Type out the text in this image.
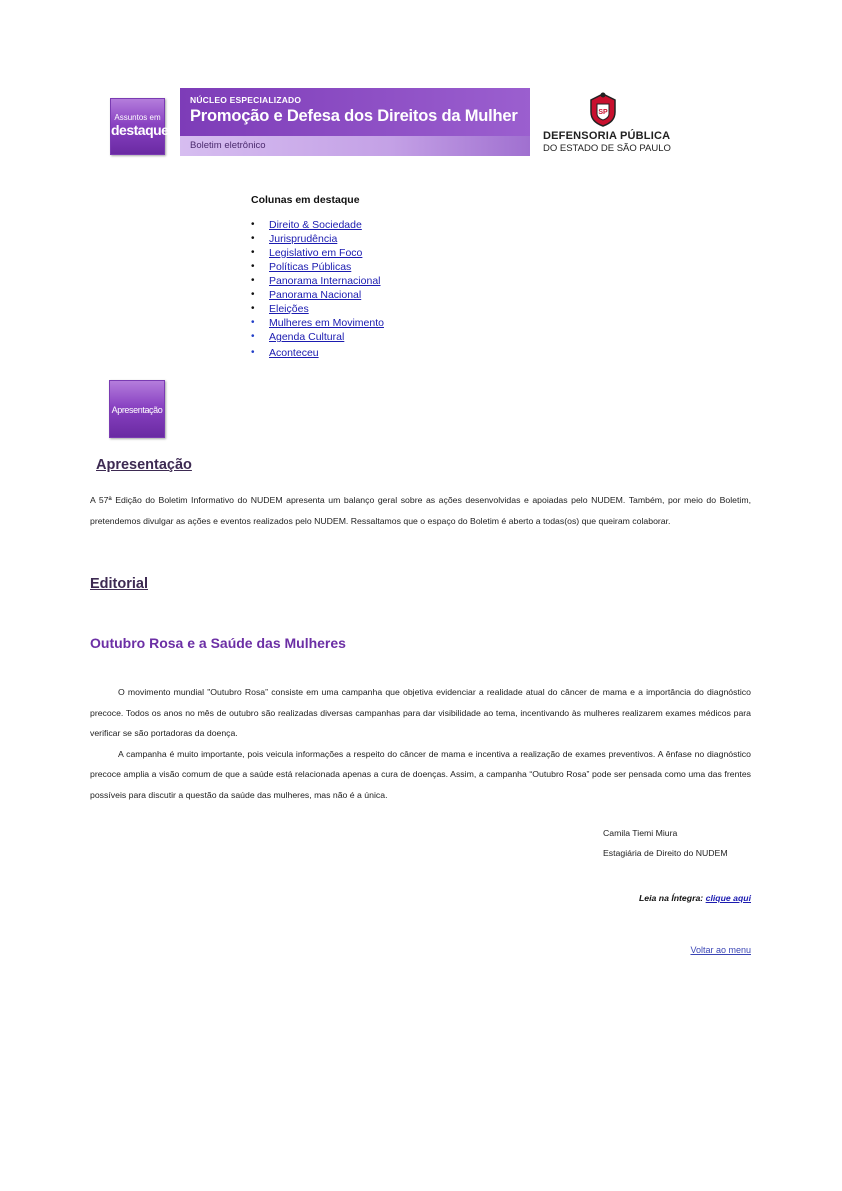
Assuntos em
destaque
NÚCLEO ESPECIALIZADO
Promoção e Defesa dos Direitos da Mulher
Boletim eletrônico
SP
DEFENSORIA PÚBLICA
DO ESTADO DE SÃO PAULO
Colunas em destaque
• Direito & Sociedade
• Jurisprudência
• Legislativo em Foco
• Políticas Públicas
• Panorama Internacional
• Panorama Nacional
• Eleições
• Mulheres em Movimento
• Agenda Cultural
• Aconteceu
Apresentação
Apresentação

A 57ª Edição do Boletim Informativo do NUDEM apresenta um balanço geral sobre as ações desenvolvidas e apoiadas pelo NUDEM. Também, por meio do Boletim, pretendemos divulgar as ações e eventos realizados pelo NUDEM. Ressaltamos que o espaço do Boletim é aberto a todas(os) que queiram colaborar.

Editorial
Outubro Rosa e a Saúde das Mulheres

O movimento mundial "Outubro Rosa” consiste em uma campanha que objetiva evidenciar a realidade atual do câncer de mama e a importância do diagnóstico precoce. Todos os anos no mês de outubro são realizadas diversas campanhas para dar visibilidade ao tema, incentivando às mulheres realizarem exames médicos para verificar se são portadoras da doença.

A campanha é muito importante, pois veicula informações a respeito do câncer de mama e incentiva a realização de exames preventivos. A ênfase no diagnóstico precoce amplia a visão comum de que a saúde está relacionada apenas a cura de doenças. Assim, a campanha “Outubro Rosa” pode ser pensada como uma das frentes possíveis para discutir a questão da saúde das mulheres, mas não é a única.

Camila Tiemi Miura
Estagiária de Direito do NUDEM
Leia na Íntegra: clique aqui
Voltar ao menu
